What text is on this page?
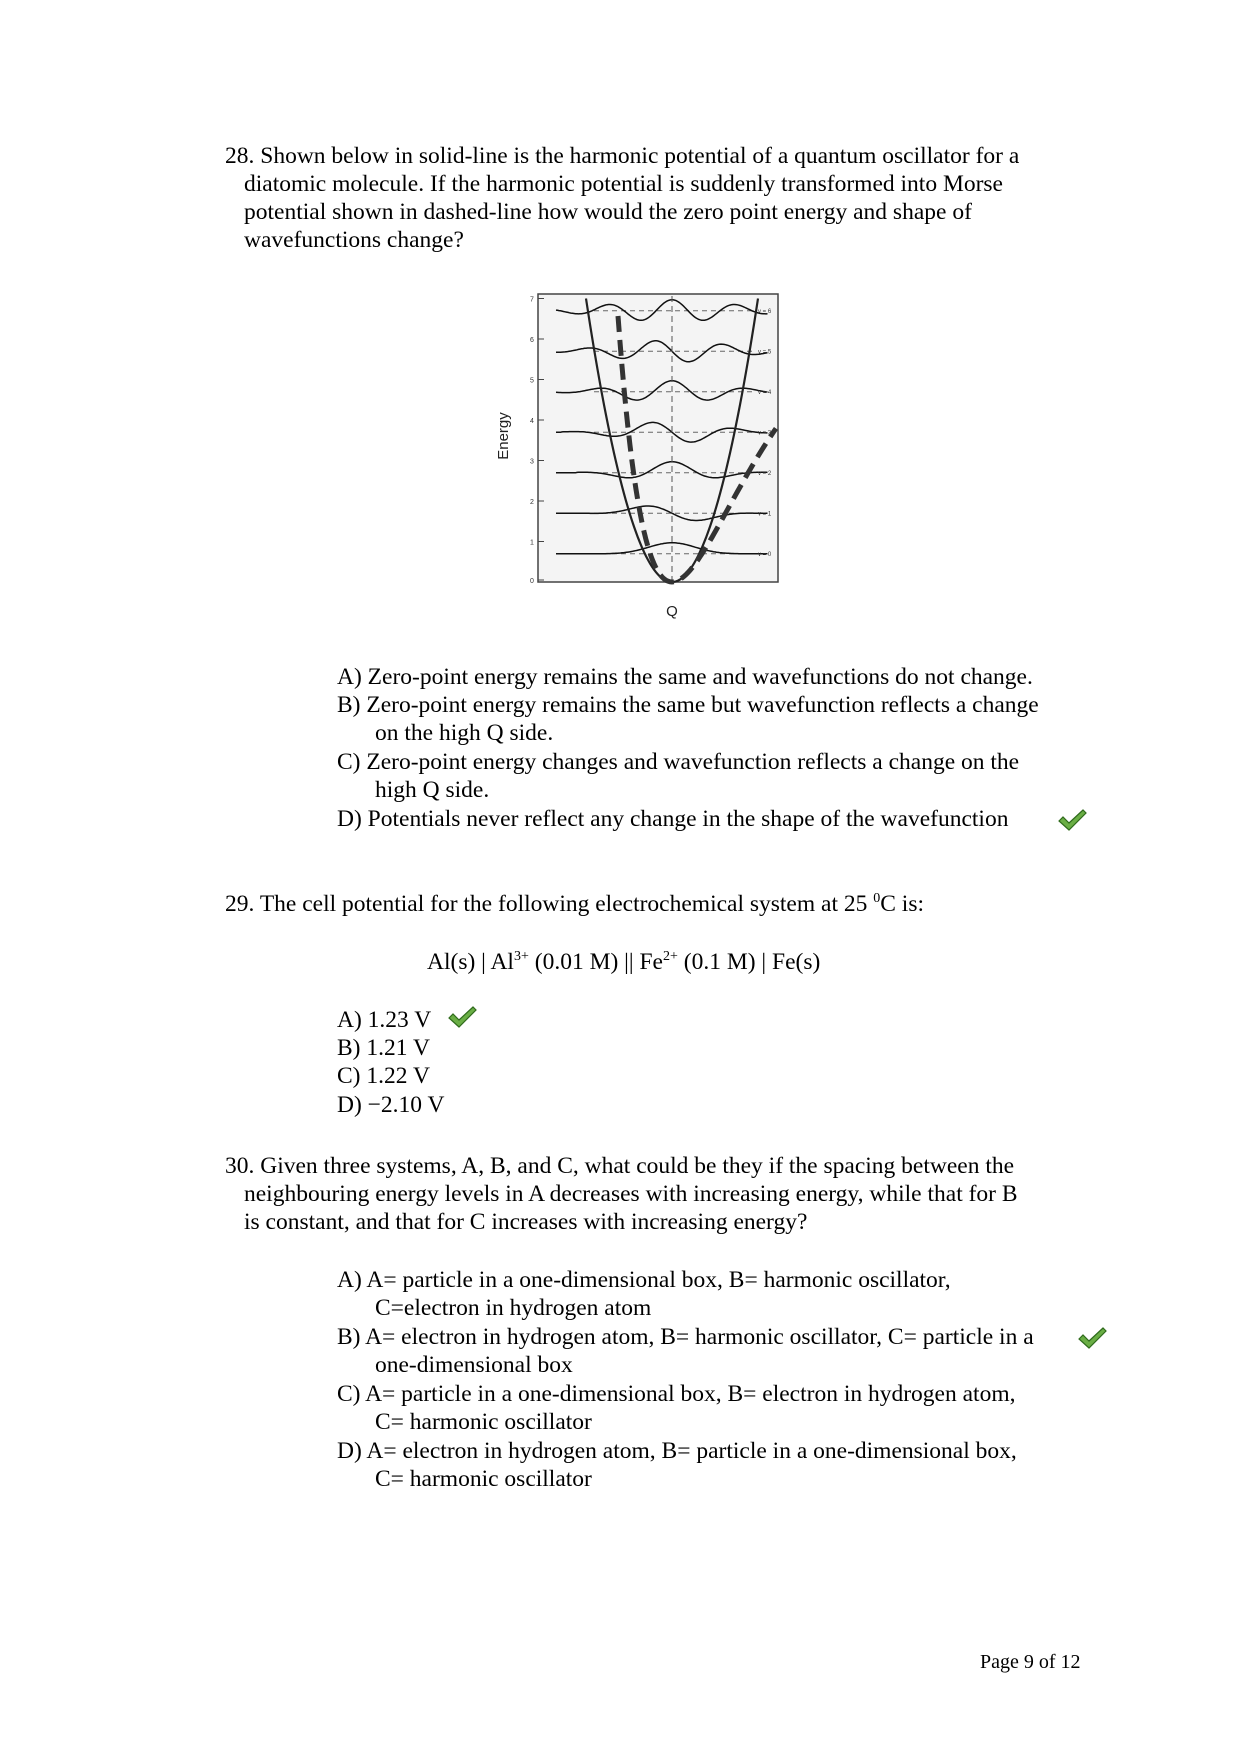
28. Shown below in solid-line is the harmonic potential of a quantum oscillator for a
diatomic molecule. If the harmonic potential is suddenly transformed into Morse
potential shown in dashed-line how would the zero point energy and shape of
wavefunctions change?
7
6
5
4
3
2
1
0
v = 0
v = 1
v = 2
v = 3
v = 4
v = 5
v = 6
Energy
Q
A) Zero-point energy remains the same and wavefunctions do not change.
B) Zero-point energy remains the same but wavefunction reflects a change
on the high Q side.
C) Zero-point energy changes and wavefunction reflects a change on the
high Q side.
D) Potentials never reflect any change in the shape of the wavefunction
29. The cell potential for the following electrochemical system at 25 $^0$C is:
Al(s) | $Al^{3+}$ (0.01 M) || $Fe^{2+}$ (0.1 M) | Fe(s)
A) 1.23 V
B) 1.21 V
C) 1.22 V
D) −2.10 V
30. Given three systems, A, B, and C, what could be they if the spacing between the
neighbouring energy levels in A decreases with increasing energy, while that for B
is constant, and that for C increases with increasing energy?
A) A= particle in a one-dimensional box, B= harmonic oscillator,
C=electron in hydrogen atom
B) A= electron in hydrogen atom, B= harmonic oscillator, C= particle in a
one-dimensional box
C) A= particle in a one-dimensional box, B= electron in hydrogen atom,
C= harmonic oscillator
D) A= electron in hydrogen atom, B= particle in a one-dimensional box,
C= harmonic oscillator
Page 9 of 12
